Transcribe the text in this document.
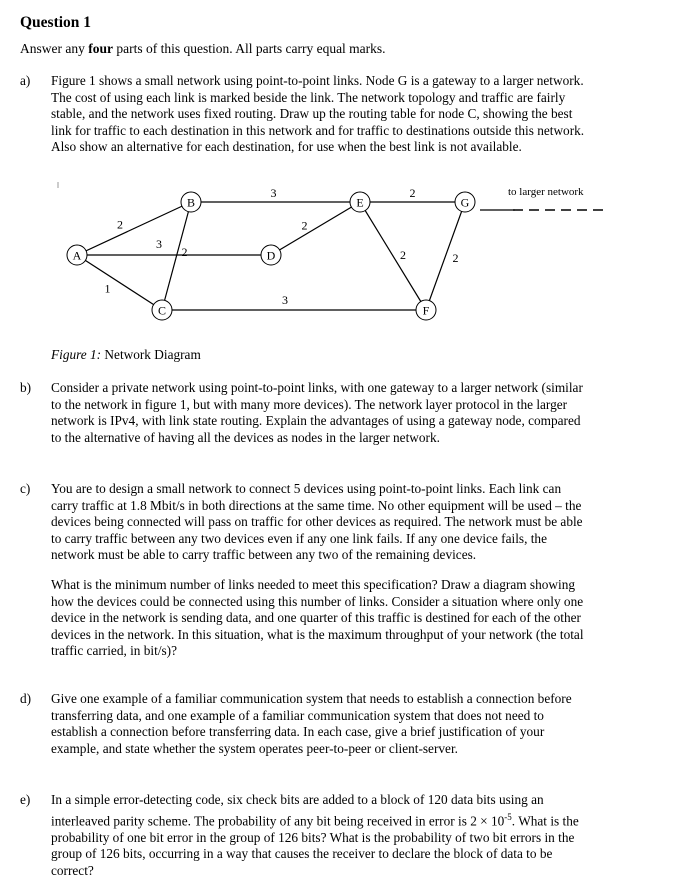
Question 1
Answer any four parts of this question. All parts carry equal marks.
a)	Figure 1 shows a small network using point-to-point links. Node G is a gateway to a larger network. The cost of using each link is marked beside the link. The network topology and traffic are fairly stable, and the network uses fixed routing. Draw up the routing table for node C, showing the best link for traffic to each destination in this network and for traffic to destinations outside this network. Also show an alternative for each destination, for use when the best link is not available.

2
3
1
2
3
2
3
2
2	2
A
B
C
D
E
F
G
to larger network
Figure 1: Network Diagram
b)	Consider a private network using point-to-point links, with one gateway to a larger network (similar to the network in figure 1, but with many more devices). The network layer protocol in the larger network is IPv4, with link state routing. Explain the advantages of using a gateway node, compared to the alternative of having all the devices as nodes in the larger network.

c)	You are to design a small network to connect 5 devices using point-to-point links. Each link can carry traffic at 1.8 Mbit/s in both directions at the same time. No other equipment will be used – the devices being connected will pass on traffic for other devices as required. The network must be able to carry traffic between any two devices even if any one link fails. If any one device fails, the network must be able to carry traffic between any two of the remaining devices.

What is the minimum number of links needed to meet this specification? Draw a diagram showing how the devices could be connected using this number of links. Consider a situation where only one device in the network is sending data, and one quarter of this traffic is destined for each of the other devices in the network. In this situation, what is the maximum throughput of your network (the total traffic carried, in bit/s)?

d)	Give one example of a familiar communication system that needs to establish a connection before transferring data, and one example of a familiar communication system that does not need to establish a connection before transferring data. In each case, give a brief justification of your example, and state whether the system operates peer-to-peer or client-server.

e)	In a simple error-detecting code, six check bits are added to a block of 120 data bits using an interleaved parity scheme. The probability of any bit being received in error is $2 \times 10^{-5}$. What is the probability of one bit error in the group of 126 bits? What is the probability of two bit errors in the group of 126 bits, occurring in a way that causes the receiver to declare the block of data to be correct?
